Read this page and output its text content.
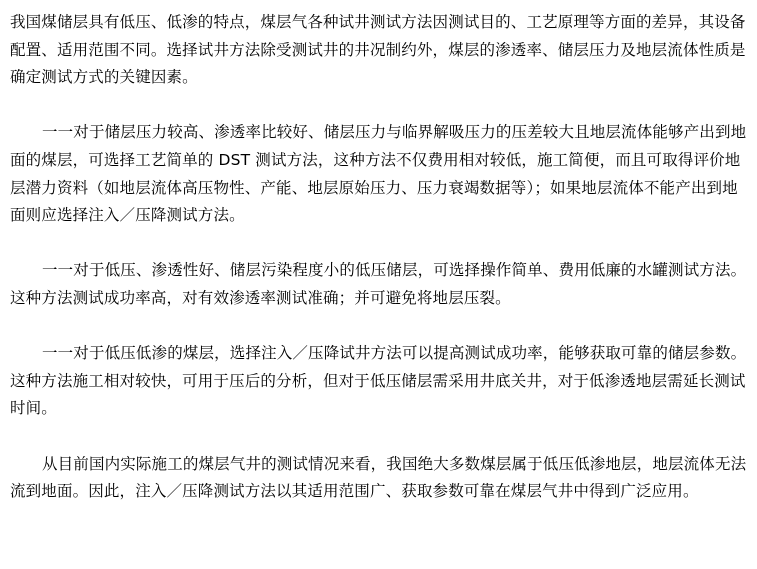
我国煤储层具有低压、低渗的特点，煤层气各种试井测试方法因测试目的、工艺原理等方面的差异，其设备配置、适用范围不同。选择试井方法除受测试井的井况制约外，煤层的渗透率、储层压力及地层流体性质是确定测试方式的关键因素。

一一对于储层压力较高、渗透率比较好、储层压力与临界解吸压力的压差较大且地层流体能够产出到地面的煤层，可选择工艺简单的 DST 测试方法，这种方法不仅费用相对较低，施工简便，而且可取得评价地层潜力资料（如地层流体高压物性、产能、地层原始压力、压力衰竭数据等）；如果地层流体不能产出到地面则应选择注入／压降测试方法。

一一对于低压、渗透性好、储层污染程度小的低压储层，可选择操作简单、费用低廉的水罐测试方法。这种方法测试成功率高，对有效渗透率测试准确；并可避免将地层压裂。

一一对于低压低渗的煤层，选择注入／压降试井方法可以提高测试成功率，能够获取可靠的储层参数。这种方法施工相对较快，可用于压后的分析，但对于低压储层需采用井底关井，对于低渗透地层需延长测试时间。

从目前国内实际施工的煤层气井的测试情况来看，我国绝大多数煤层属于低压低渗地层，地层流体无法流到地面。因此，注入／压降测试方法以其适用范围广、获取参数可靠在煤层气井中得到广泛应用。
